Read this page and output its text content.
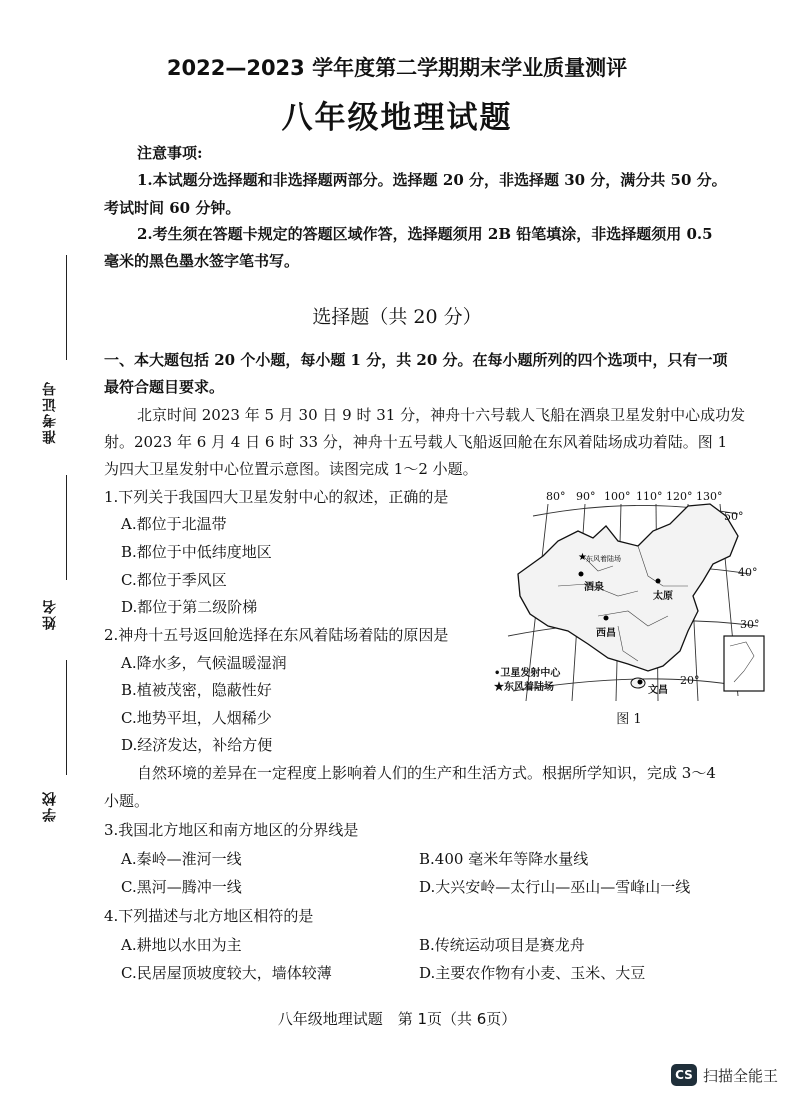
2022—2023 学年度第二学期期末学业质量测评
八年级地理试题
注意事项:
1.本试题分选择题和非选择题两部分。选择题 20 分，非选择题 30 分，满分共 50 分。
考试时间 60 分钟。
2.考生须在答题卡规定的答题区域作答，选择题须用 2B 铅笔填涂，非选择题须用 0.5
毫米的黑色墨水签字笔书写。
准考证号
姓名
学校
选择题（共 20 分）
一、本大题包括 20 个小题，每小题 1 分，共 20 分。在每小题所列的四个选项中，只有一项
最符合题目要求。
北京时间 2023 年 5 月 30 日 9 时 31 分，神舟十六号载人飞船在酒泉卫星发射中心成功发
射。2023 年 6 月 4 日 6 时 33 分，神舟十五号载人飞船返回舱在东风着陆场成功着陆。图 1
为四大卫星发射中心位置示意图。读图完成 1～2 小题。
1.下列关于我国四大卫星发射中心的叙述，正确的是
A.都位于北温带
B.都位于中低纬度地区
C.都位于季风区
D.都位于第二级阶梯
2.神舟十五号返回舱选择在东风着陆场着陆的原因是
A.降水多，气候温暖湿润
B.植被茂密，隐蔽性好
C.地势平坦，人烟稀少
D.经济发达，补给方便
东风着陆场
★
80° 90° 100° 110° 120° 130°
50°
40°
30°
20°
酒泉
太原
西昌
文昌
•卫星发射中心
★东风着陆场
图 1
自然环境的差异在一定程度上影响着人们的生产和生活方式。根据所学知识，完成 3～4
小题。
3.我国北方地区和南方地区的分界线是
A.秦岭—淮河一线	B.400 毫米年等降水量线
C.黑河—腾冲一线	D.大兴安岭—太行山—巫山—雪峰山一线
4.下列描述与北方地区相符的是
A.耕地以水田为主	B.传统运动项目是赛龙舟
C.民居屋顶坡度较大，墙体较薄	D.主要农作物有小麦、玉米、大豆
八年级地理试题　第 1页（共 6页）
CS 扫描全能王
